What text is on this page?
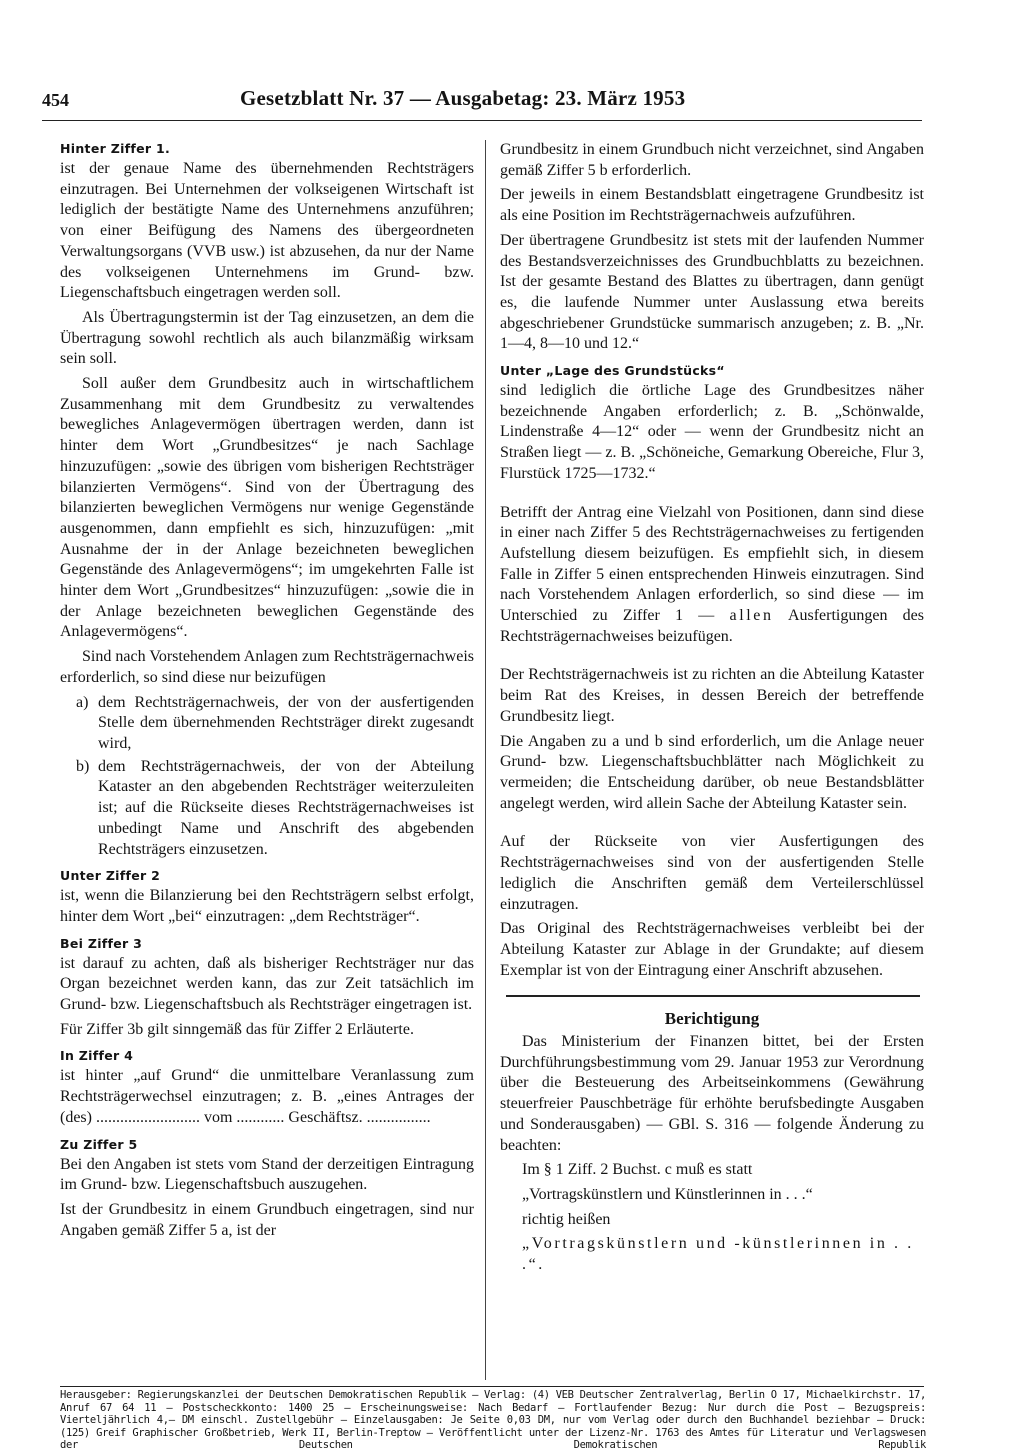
454	Gesetzblatt Nr. 37 — Ausgabetag: 23. März 1953
Hinter Ziffer 1.

ist der genaue Name des übernehmenden Rechtsträgers einzutragen. Bei Unternehmen der volkseigenen Wirtschaft ist lediglich der bestätigte Name des Unternehmens anzuführen; von einer Beifügung des Namens des übergeordneten Verwaltungsorgans (VVB usw.) ist abzusehen, da nur der Name des volkseigenen Unternehmens im Grund- bzw. Liegenschaftsbuch eingetragen werden soll.

Als Übertragungstermin ist der Tag einzusetzen, an dem die Übertragung sowohl rechtlich als auch bilanzmäßig wirksam sein soll.

Soll außer dem Grundbesitz auch in wirtschaftlichem Zusammenhang mit dem Grundbesitz zu verwaltendes bewegliches Anlagevermögen übertragen werden, dann ist hinter dem Wort „Grundbesitzes“ je nach Sachlage hinzuzufügen: „sowie des übrigen vom bisherigen Rechtsträger bilanzierten Vermögens“. Sind von der Übertragung des bilanzierten beweglichen Vermögens nur wenige Gegenstände ausgenommen, dann empfiehlt es sich, hinzuzufügen: „mit Ausnahme der in der Anlage bezeichneten beweglichen Gegenstände des Anlagevermögens“; im umgekehrten Falle ist hinter dem Wort „Grundbesitzes“ hinzuzufügen: „sowie die in der Anlage bezeichneten beweglichen Gegenstände des Anlagevermögens“.

Sind nach Vorstehendem Anlagen zum Rechtsträgernachweis erforderlich, so sind diese nur beizufügen

a) dem Rechtsträgernachweis, der von der ausfertigenden Stelle dem übernehmenden Rechtsträger direkt zugesandt wird,
b) dem Rechtsträgernachweis, der von der Abteilung Kataster an den abgebenden Rechtsträger weiterzuleiten ist; auf die Rückseite dieses Rechtsträgernachweises ist unbedingt Name und Anschrift des abgebenden Rechtsträgers einzusetzen.
Unter Ziffer 2

ist, wenn die Bilanzierung bei den Rechtsträgern selbst erfolgt, hinter dem Wort „bei“ einzutragen: „dem Rechtsträger“.

Bei Ziffer 3

ist darauf zu achten, daß als bisheriger Rechtsträger nur das Organ bezeichnet werden kann, das zur Zeit tatsächlich im Grund- bzw. Liegenschaftsbuch als Rechtsträger eingetragen ist.

Für Ziffer 3b gilt sinngemäß das für Ziffer 2 Erläuterte.

In Ziffer 4

ist hinter „auf Grund“ die unmittelbare Veranlassung zum Rechtsträgerwechsel einzutragen; z. B. „eines Antrages der (des) .......................... vom ............ Geschäftsz. ................

Zu Ziffer 5

Bei den Angaben ist stets vom Stand der derzeitigen Eintragung im Grund- bzw. Liegenschaftsbuch auszugehen.

Ist der Grundbesitz in einem Grundbuch eingetragen, sind nur Angaben gemäß Ziffer 5 a, ist der

Grundbesitz in einem Grundbuch nicht verzeichnet, sind Angaben gemäß Ziffer 5 b erforderlich.

Der jeweils in einem Bestandsblatt eingetragene Grundbesitz ist als eine Position im Rechtsträgernachweis aufzuführen.

Der übertragene Grundbesitz ist stets mit der laufenden Nummer des Bestandsverzeichnisses des Grundbuchblatts zu bezeichnen. Ist der gesamte Bestand des Blattes zu übertragen, dann genügt es, die laufende Nummer unter Auslassung etwa bereits abgeschriebener Grundstücke summarisch anzugeben; z. B. „Nr. 1—4, 8—10 und 12.“

Unter „Lage des Grundstücks“

sind lediglich die örtliche Lage des Grundbesitzes näher bezeichnende Angaben erforderlich; z. B. „Schönwalde, Lindenstraße 4—12“ oder — wenn der Grundbesitz nicht an Straßen liegt — z. B. „Schöneiche, Gemarkung Obereiche, Flur 3, Flurstück 1725—1732.“

Betrifft der Antrag eine Vielzahl von Positionen, dann sind diese in einer nach Ziffer 5 des Rechtsträgernachweises zu fertigenden Aufstellung diesem beizufügen. Es empfiehlt sich, in diesem Falle in Ziffer 5 einen entsprechenden Hinweis einzutragen. Sind nach Vorstehendem Anlagen erforderlich, so sind diese — im Unterschied zu Ziffer 1 — allen Ausfertigungen des Rechtsträgernachweises beizufügen.

Der Rechtsträgernachweis ist zu richten an die Abteilung Kataster beim Rat des Kreises, in dessen Bereich der betreffende Grundbesitz liegt.

Die Angaben zu a und b sind erforderlich, um die Anlage neuer Grund- bzw. Liegenschaftsbuchblätter nach Möglichkeit zu vermeiden; die Entscheidung darüber, ob neue Bestandsblätter angelegt werden, wird allein Sache der Abteilung Kataster sein.

Auf der Rückseite von vier Ausfertigungen des Rechtsträgernachweises sind von der ausfertigenden Stelle lediglich die Anschriften gemäß dem Verteilerschlüssel einzutragen.

Das Original des Rechtsträgernachweises verbleibt bei der Abteilung Kataster zur Ablage in der Grundakte; auf diesem Exemplar ist von der Eintragung einer Anschrift abzusehen.

Berichtigung

Das Ministerium der Finanzen bittet, bei der Ersten Durchführungsbestimmung vom 29. Januar 1953 zur Verordnung über die Besteuerung des Arbeitseinkommens (Gewährung steuerfreier Pauschbeträge für erhöhte berufsbedingte Ausgaben und Sonderausgaben) — GBl. S. 316 — folgende Änderung zu beachten:

Im § 1 Ziff. 2 Buchst. c muß es statt
„Vortragskünstlern und Künstlerinnen in . . .“
richtig heißen
„Vortragskünstlern und -künstlerinnen in . . .“.
Herausgeber: Regierungskanzlei der Deutschen Demokratischen Republik — Verlag: (4) VEB Deutscher Zentralverlag, Berlin O 17, Michaelkirchstr. 17, Anruf 67 64 11 — Postscheckkonto: 1400 25 — Erscheinungsweise: Nach Bedarf — Fortlaufender Bezug: Nur durch die Post — Bezugspreis: Vierteljährlich 4,— DM einschl. Zustellgebühr — Einzelausgaben: Je Seite 0,03 DM, nur vom Verlag oder durch den Buchhandel beziehbar — Druck: (125) Greif Graphischer Großbetrieb, Werk II, Berlin-Treptow — Veröffentlicht unter der Lizenz-Nr. 1763 des Amtes für Literatur und Verlagswesen der Deutschen Demokratischen Republik
